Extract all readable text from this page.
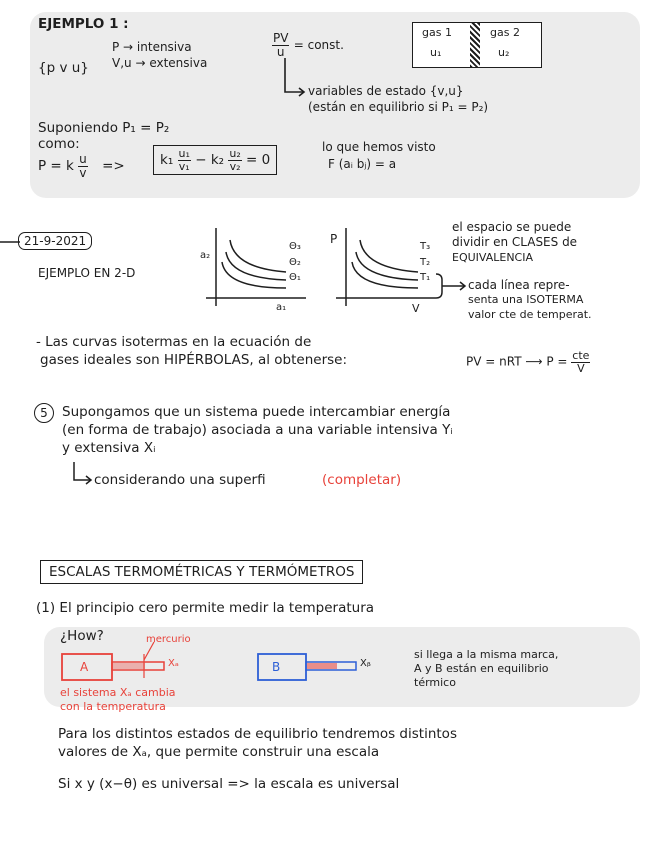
EJEMPLO 1 :
{p v u}
P → intensiva
V,u → extensiva
$\frac{PV}{u}$ = const.
gas 1
u₁
gas 2
u₂
variables de estado {v,u}
(están en equilibrio si P₁ = P₂)
Suponiendo P₁ = P₂
como:
P = k $\frac{u}{v}$ =>	$k_1 \frac{\text{u₁}}{\text{v₁}} - k_2 \frac{\text{u₂}}{\text{v₂}} = 0$
lo que hemos visto
F (aᵢ bⱼ) = a
21-9-2021
EJEMPLO EN 2-D
a₂
a₁
Θ₃
Θ₂
Θ₁
P
V
T₃
T₂
T₁
el espacio se puede
dividir en CLASES de
EQUIVALENCIA
cada línea repre-
senta una ISOTERMA
valor cte de temperat.
- Las curvas isotermas en la ecuación de
gases ideales son HIPÉRBOLAS, al obtenerse:	PV = nRT ⟶ $P = \frac{\text{cte}}{V}$
5	Supongamos que un sistema puede intercambiar energía
(en forma de trabajo) asociada a una variable intensiva Yᵢ
y extensiva Xᵢ
considerando una superfi	(completar)
ESCALAS TERMOMÉTRICAS Y TERMÓMETROS
(1) El principio cero permite medir la temperatura
¿How?	mercurio
A	Xₐ	B	Xᵦ
el sistema Xₐ cambia
con la temperatura
si llega a la misma marca,
A y B están en equilibrio
térmico
Para los distintos estados de equilibrio tendremos distintos
valores de Xₐ, que permite construir una escala
Si x y (x−θ) es universal => la escala es universal
